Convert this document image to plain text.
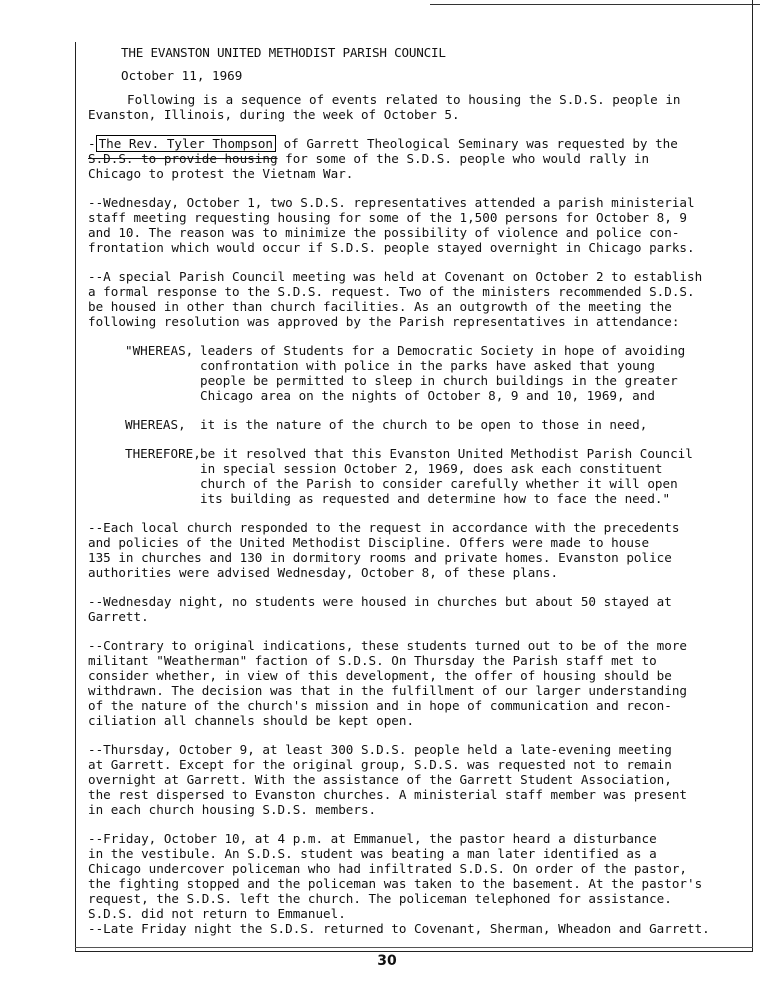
THE EVANSTON UNITED METHODIST PARISH COUNCIL

October 11, 1969

Following is a sequence of events related to housing the S.D.S. people in
Evanston, Illinois, during the week of October 5.
- The Rev. Tyler Thompson of Garrett Theological Seminary was requested by the
S.D.S. to provide housing for some of the S.D.S. people who would rally in
Chicago to protest the Vietnam War.
--Wednesday, October 1, two S.D.S. representatives attended a parish ministerial
staff meeting requesting housing for some of the 1,500 persons for October 8, 9
and 10. The reason was to minimize the possibility of violence and police con-
frontation which would occur if S.D.S. people stayed overnight in Chicago parks.
--A special Parish Council meeting was held at Covenant on October 2 to establish
a formal response to the S.D.S. request. Two of the ministers recommended S.D.S.
be housed in other than church facilities. As an outgrowth of the meeting the
following resolution was approved by the Parish representatives in attendance:
"WHEREAS, leaders of Students for a Democratic Society in hope of avoiding
confrontation with police in the parks have asked that young
people be permitted to sleep in church buildings in the greater
Chicago area on the nights of October 8, 9 and 10, 1969, and
WHEREAS,	it is the nature of the church to be open to those in need,
THEREFORE, be it resolved that this Evanston United Methodist Parish Council
in special session October 2, 1969, does ask each constituent
church of the Parish to consider carefully whether it will open
its building as requested and determine how to face the need."
--Each local church responded to the request in accordance with the precedents
and policies of the United Methodist Discipline. Offers were made to house
135 in churches and 130 in dormitory rooms and private homes. Evanston police
authorities were advised Wednesday, October 8, of these plans.
--Wednesday night, no students were housed in churches but about 50 stayed at
Garrett.
--Contrary to original indications, these students turned out to be of the more
militant "Weatherman" faction of S.D.S. On Thursday the Parish staff met to
consider whether, in view of this development, the offer of housing should be
withdrawn. The decision was that in the fulfillment of our larger understanding
of the nature of the church's mission and in hope of communication and recon-
ciliation all channels should be kept open.
--Thursday, October 9, at least 300 S.D.S. people held a late-evening meeting
at Garrett. Except for the original group, S.D.S. was requested not to remain
overnight at Garrett. With the assistance of the Garrett Student Association,
the rest dispersed to Evanston churches. A ministerial staff member was present
in each church housing S.D.S. members.
--Friday, October 10, at 4 p.m. at Emmanuel, the pastor heard a disturbance
in the vestibule. An S.D.S. student was beating a man later identified as a
Chicago undercover policeman who had infiltrated S.D.S. On order of the pastor,
the fighting stopped and the policeman was taken to the basement. At the pastor's
request, the S.D.S. left the church. The policeman telephoned for assistance.
S.D.S. did not return to Emmanuel.
--Late Friday night the S.D.S. returned to Covenant, Sherman, Wheadon and Garrett.
30
